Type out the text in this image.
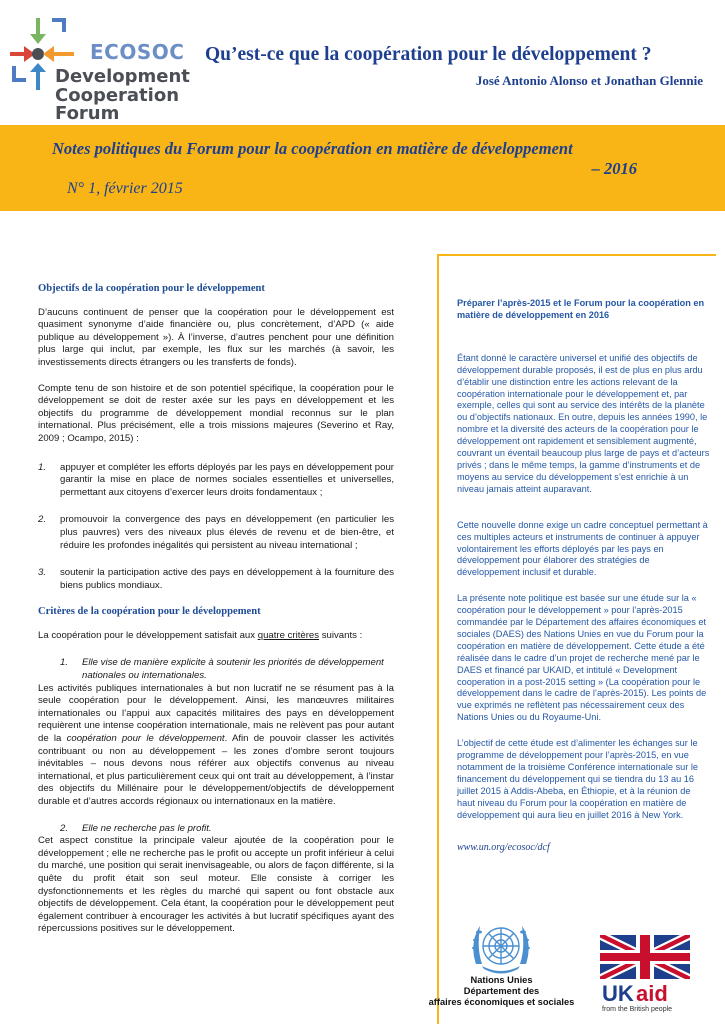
ECOSOC
Development
Cooperation
Forum
Qu’est-ce que la coopération pour le développement ?
José Antonio Alonso et Jonathan Glennie
Notes politiques du Forum pour la coopération en matière de développement
– 2016
N° 1, février 2015
Objectifs de la coopération pour le développement

D’aucuns continuent de penser que la coopération pour le développement est quasiment synonyme d’aide financière ou, plus concrètement, d’APD (« aide publique au développement »). À l’inverse, d’autres penchent pour une définition plus large qui inclut, par exemple, les flux sur les marchés (à savoir, les investissements directs étrangers ou les transferts de fonds).

Compte tenu de son histoire et de son potentiel spécifique, la coopération pour le développement se doit de rester axée sur les pays en développement et les objectifs du programme de développement mondial reconnus sur le plan international. Plus précisément, elle a trois missions majeures (Severino et Ray, 2009 ; Ocampo, 2015) :

1.	appuyer et compléter les efforts déployés par les pays en développement pour garantir la mise en place de normes sociales essentielles et universelles, permettant aux citoyens d’exercer leurs droits fondamentaux ;
2.	promouvoir la convergence des pays en développement (en particulier les plus pauvres) vers des niveaux plus élevés de revenu et de bien-être, et réduire les profondes inégalités qui persistent au niveau international ;
3.	soutenir la participation active des pays en développement à la fourniture des biens publics mondiaux.
Critères de la coopération pour le développement

La coopération pour le développement satisfait aux quatre critères suivants :

1.	Elle vise de manière explicite à soutenir les priorités de développement nationales ou internationales.

Les activités publiques internationales à but non lucratif ne se résument pas à la seule coopération pour le développement. Ainsi, les manœuvres militaires internationales ou l’appui aux capacités militaires des pays en développement requièrent une intense coopération internationale, mais ne relèvent pas pour autant de la coopération pour le développement. Afin de pouvoir classer les activités contribuant ou non au développement – les zones d’ombre seront toujours inévitables – nous devons nous référer aux objectifs convenus au niveau international, et plus particulièrement ceux qui ont trait au développement, à l’instar des objectifs du Millénaire pour le développement/objectifs de développement durable et d’autres accords régionaux ou internationaux en la matière.

2.	Elle ne recherche pas le profit.

Cet aspect constitue la principale valeur ajoutée de la coopération pour le développement ; elle ne recherche pas le profit ou accepte un profit inférieur à celui du marché, une position qui serait inenvisageable, ou alors de façon différente, si la quête du profit était son seul moteur. Elle consiste à corriger les dysfonctionnements et les règles du marché qui sapent ou font obstacle aux objectifs de développement. Cela étant, la coopération pour le développement peut également contribuer à encourager les activités à but lucratif spécifiques ayant des répercussions positives sur le développement.

Préparer l’après-2015 et le Forum pour la coopération en matière de développement en 2016

Étant donné le caractère universel et unifié des objectifs de développement durable proposés, il est de plus en plus ardu d’établir une distinction entre les actions relevant de la coopération internationale pour le développement et, par exemple, celles qui sont au service des intérêts de la planète ou d’objectifs nationaux. En outre, depuis les années 1990, le nombre et la diversité des acteurs de la coopération pour le développement ont rapidement et sensiblement augmenté, couvrant un éventail beaucoup plus large de pays et d’acteurs privés ; dans le même temps, la gamme d’instruments et de moyens au service du développement s’est enrichie à un niveau jamais atteint auparavant.

Cette nouvelle donne exige un cadre conceptuel permettant à ces multiples acteurs et instruments de continuer à appuyer volontairement les efforts déployés par les pays en développement pour élaborer des stratégies de développement inclusif et durable.

La présente note politique est basée sur une étude sur la « coopération pour le développement » pour l’après-2015 commandée par le Département des affaires économiques et sociales (DAES) des Nations Unies en vue du Forum pour la coopération en matière de développement. Cette étude a été réalisée dans le cadre d’un projet de recherche mené par le DAES et financé par UKAID, et intitulé « Development cooperation in a post-2015 setting » (La coopération pour le développement dans le cadre de l’après-2015). Les points de vue exprimés ne reflètent pas nécessairement ceux des Nations Unies ou du Royaume-Uni.

L’objectif de cette étude est d’alimenter les échanges sur le programme de développement pour l’après-2015, en vue notamment de la troisième Conférence internationale sur le financement du développement qui se tiendra du 13 au 16 juillet 2015 à Addis-Abeba, en Éthiopie, et à la réunion de haut niveau du Forum pour la coopération en matière de développement qui aura lieu en juillet 2016 à New York.

www.un.org/ecosoc/dcf
Nations Unies
Département des
affaires économiques et sociales	UK aid
from the British people
